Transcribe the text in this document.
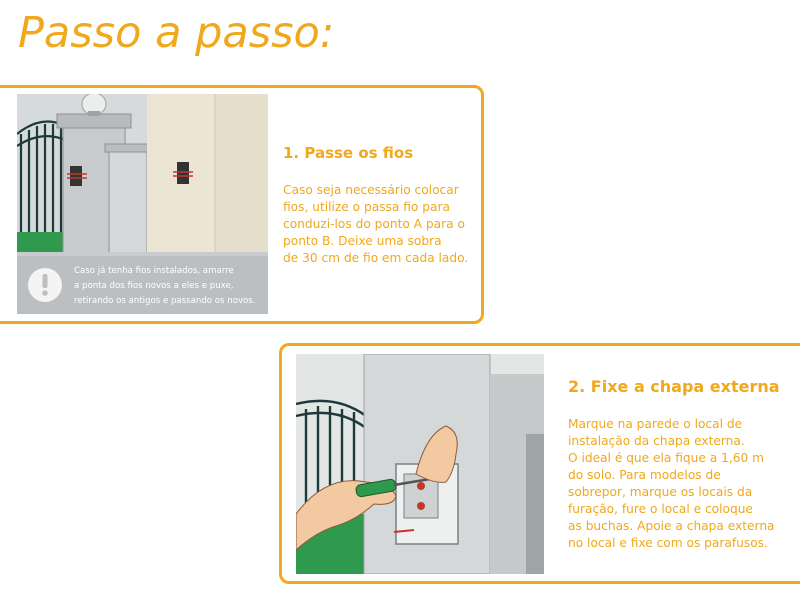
Passo a passo:
Caso já tenha fios instalados, amarre
a ponta dos fios novos a eles e puxe,
retirando os antigos e passando os novos.

1. Passe os fios

Caso seja necessário colocar
fios, utilize o passa fio para
conduzi-los do ponto A para o
ponto B. Deixe uma sobra
de 30 cm de fio em cada lado.

2. Fixe a chapa externa

Marque na parede o local de
instalação da chapa externa.
O ideal é que ela fique a 1,60 m
do solo. Para modelos de
sobrepor, marque os locais da
furação, fure o local e coloque
as buchas. Apoie a chapa externa
no local e fixe com os parafusos.
